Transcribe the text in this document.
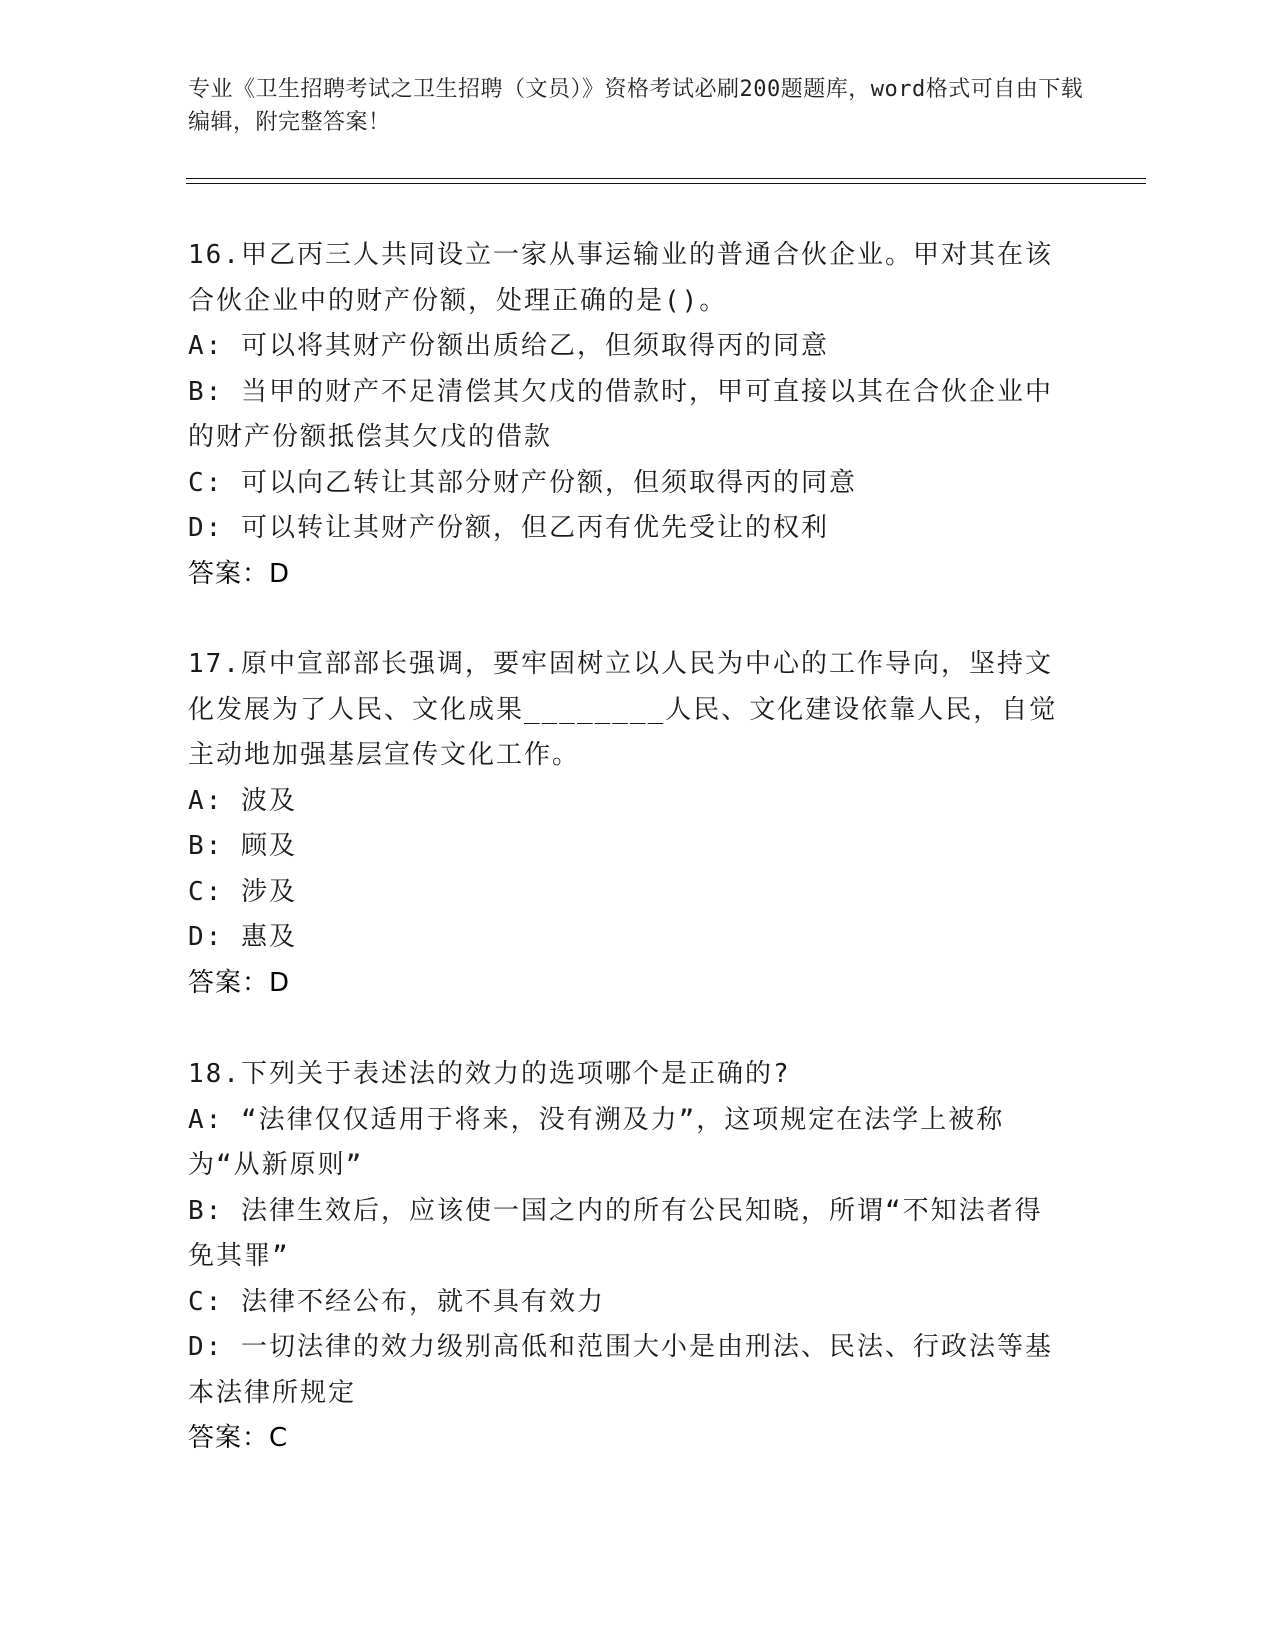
专业《卫生招聘考试之卫生招聘（文员）》资格考试必刷200题题库，word格式可自由下载编辑，附完整答案！
16.甲乙丙三人共同设立一家从事运输业的普通合伙企业。甲对其在该合伙企业中的财产份额，处理正确的是()。
A: 可以将其财产份额出质给乙，但须取得丙的同意
B: 当甲的财产不足清偿其欠戊的借款时，甲可直接以其在合伙企业中的财产份额抵偿其欠戊的借款
C: 可以向乙转让其部分财产份额，但须取得丙的同意
D: 可以转让其财产份额，但乙丙有优先受让的权利
答案：D
17.原中宣部部长强调，要牢固树立以人民为中心的工作导向，坚持文化发展为了人民、文化成果________人民、文化建设依靠人民，自觉主动地加强基层宣传文化工作。
A: 波及
B: 顾及
C: 涉及
D: 惠及
答案：D
18.下列关于表述法的效力的选项哪个是正确的?
A: “法律仅仅适用于将来，没有溯及力”，这项规定在法学上被称为“从新原则”
B: 法律生效后，应该使一国之内的所有公民知晓，所谓“不知法者得免其罪”
C: 法律不经公布，就不具有效力
D: 一切法律的效力级别高低和范围大小是由刑法、民法、行政法等基本法律所规定
答案：C
